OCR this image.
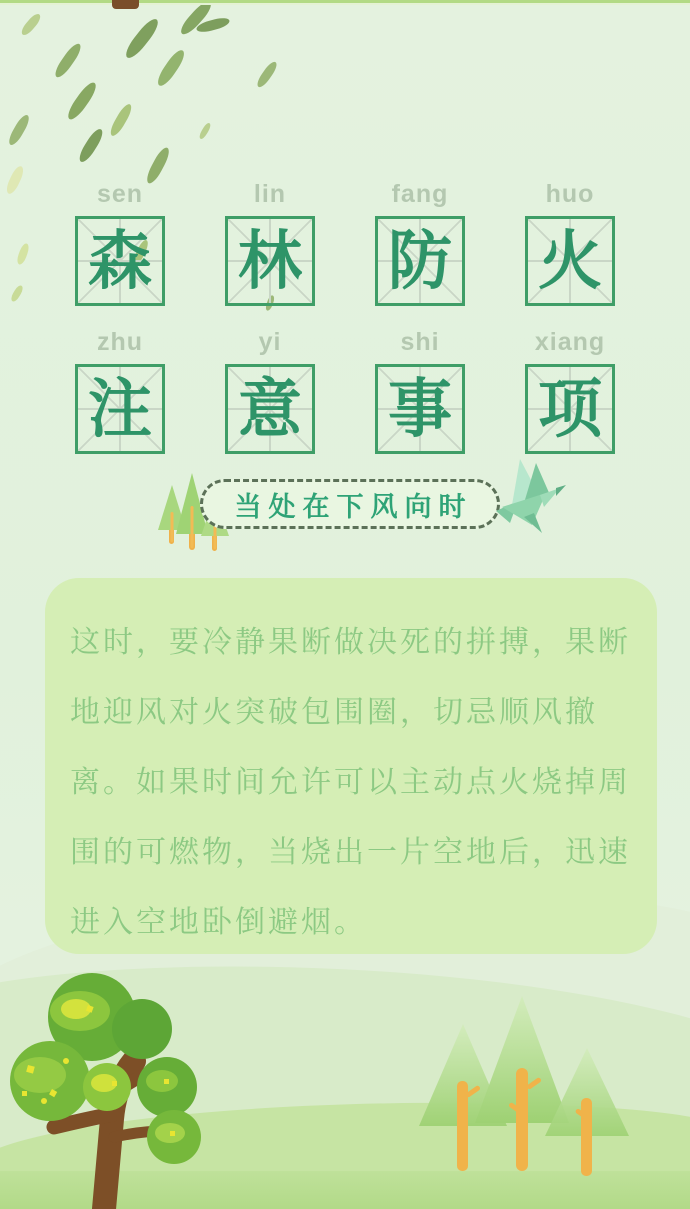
sen	lin	fang	huo
森 林 防 火
zhu	yi	shi	xiang
注 意 事 项
当处在下风向时

这时，要冷静果断做决死的拼搏，果断地迎风对火突破包围圈，切忌顺风撤离。如果时间允许可以主动点火烧掉周围的可燃物，当烧出一片空地后，迅速进入空地卧倒避烟。
